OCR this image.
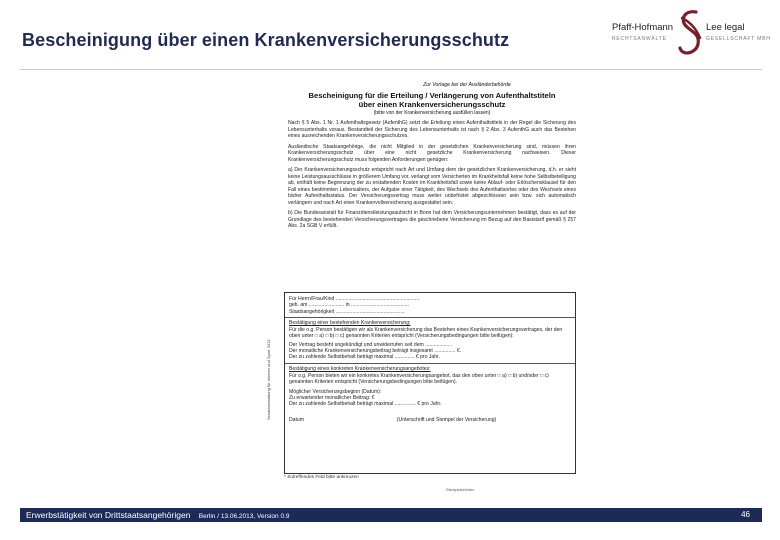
Bescheinigung über einen Krankenversicherungsschutz
Pfaff-Hofmann
RECHTSANWÄLTE
Lee legal
GESELLSCHAFT MBH
Zur Vorlage bei der Ausländerbehörde
Bescheinigung für die Erteilung / Verlängerung von Aufenthaltstiteln
über einen Krankenversicherungsschutz
(bitte von der Krankenversicherung ausfüllen lassen)

Nach § 5 Abs. 1 Nr. 1 Aufenthaltsgesetz (AufenthG) setzt die Erteilung eines Aufenthaltstitels in der Regel die Sicherung des Lebensunterhalts voraus. Bestandteil der Sicherung des Lebensunterhalts ist nach § 2 Abs. 3 AufenthG auch das Bestehen eines ausreichenden Krankenversicherungsschutzes.

Ausländische Staatsangehörige, die nicht Mitglied in der gesetzlichen Krankenversicherung sind, müssen ihren Krankenversicherungsschutz über eine nicht gesetzliche Krankenversicherung nachweisen. Dieser Krankenversicherungsschutz muss folgenden Anforderungen genügen:

a) Der Krankenversicherungsschutz entspricht nach Art und Umfang dem der gesetzlichen Krankenversicherung, d.h. er sieht keine Leistungsausschlüsse in größerem Umfang vor, verlangt vom Versicherten im Krankheitsfall keine hohe Selbstbeteiligung ab, enthält keine Begrenzung der zu erstattenden Kosten im Krankheitsfall sowie keine Ablauf- oder Erlöschensklausel für den Fall eines bestimmten Lebensalters, der Aufgabe einer Tätigkeit, des Wechsels des Aufenthaltsortes oder des Wechsels eines bisher Aufenthaltsstatus. Der Versicherungsvertrag muss weiter unbefristet abgeschlossen sein bzw. sich automatisch verlängern und nach Art einer Krankenvollversicherung ausgestaltet sein.

b) Die Bundesanstalt für Finanzdienstleistungsaufsicht in Bonn hat dem Versicherungsunternehmen bestätigt, dass es auf der Grundlage des bestehenden Versicherungsvertrages die geschriebene Versicherung im Bezug auf den Basistarif gemäß § 257 Abs. 2a SGB V erfüllt.

Für Herrn/Frau/Kind ...........................................................
geb. am ......................... in .........................................
Staatsangehörigkeit .................................................
Bestätigung einer bestehenden Krankenversicherung:
Für die o.g. Person bestätigen wir als Krankenversicherung das Bestehen eines Krankenversicherungsvertrages, der den oben unter □ a) □ b) □ c) genannten Kriterien entspricht (Versicherungsbedingungen bitte beifügen):
Der Vertrag besteht ungekündigt und unwiderrufen seit dem ...................
Der monatliche Krankenversicherungsbeitrag beträgt insgesamt ............... €.
Der zu zahlende Selbstbehalt beträgt maximal .............. € pro Jahr.
Bestätigung eines konkreten Krankenversicherungsangebotes:
Für o.g. Person bieten wir ein konkretes Krankenversicherungsangebot, das den oben unter □ a) □ b) und/oder □ c) genannten Kriterien entspricht (Versicherungsbedingungen bitte beifügen).
Möglicher Versicherungsbeginn (Datum):
Zu erwartender monatlicher Beitrag: €
Der zu zahlende Selbstbehalt beträgt maximal ............... € pro Jahr.
Datum	(Unterschrift und Stempel der Versicherung)
* Zutreffendes Feld bitte ankreuzen
Stempelzeichen
Senatsverwaltung für Inneres und Sport 2013
Erwerbstätigkeit von Drittstaatsangehörigen Berlin / 13.06.2013, Version 0.9	46
